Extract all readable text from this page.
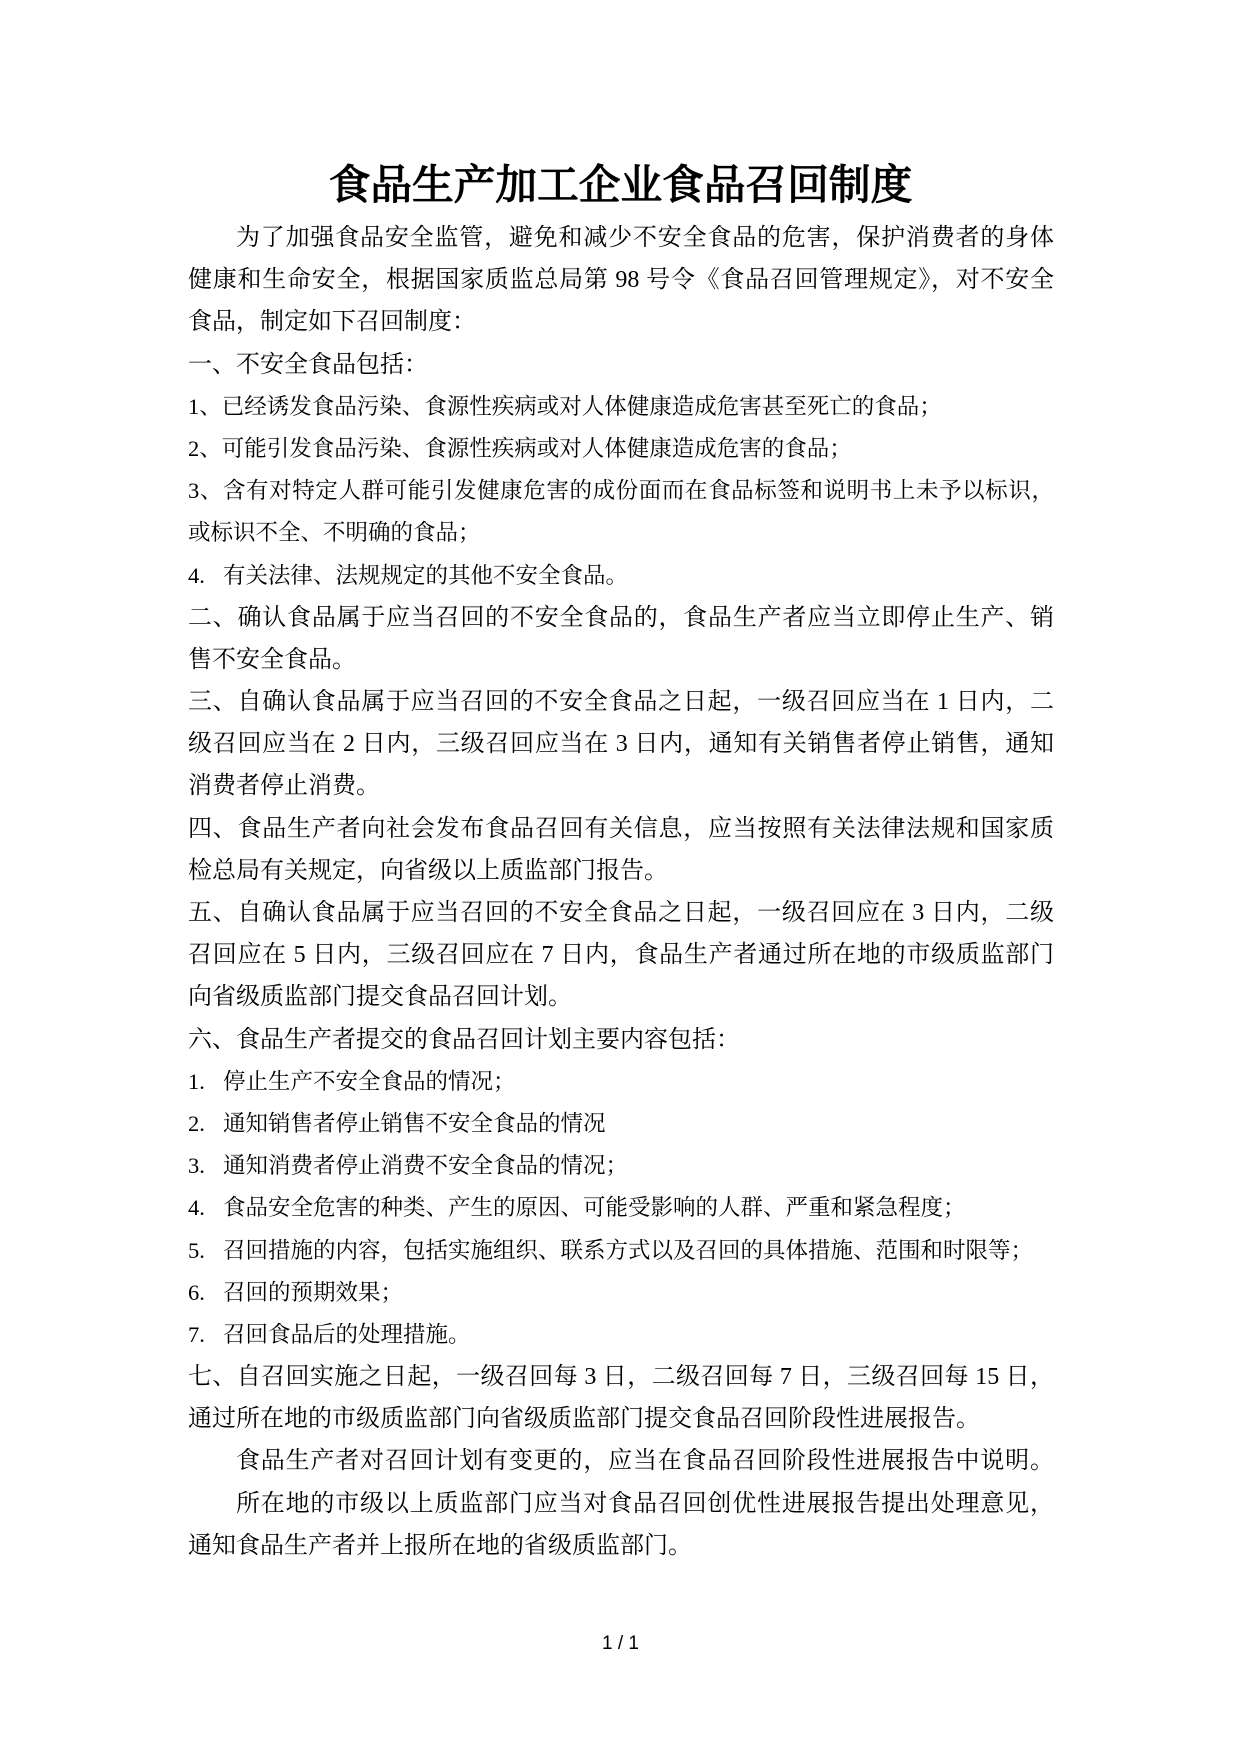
食品生产加工企业食品召回制度
为了加强食品安全监管，避免和减少不安全食品的危害，保护消费者的身体
健康和生命安全，根据国家质监总局第 98 号令《食品召回管理规定》，对不安全
食品，制定如下召回制度：
一、不安全食品包括：
1、已经诱发食品污染、食源性疾病或对人体健康造成危害甚至死亡的食品；
2、可能引发食品污染、食源性疾病或对人体健康造成危害的食品；
3、含有对特定人群可能引发健康危害的成份面而在食品标签和说明书上未予以标识，
或标识不全、不明确的食品；
4. 有关法律、法规规定的其他不安全食品。
二、确认食品属于应当召回的不安全食品的，食品生产者应当立即停止生产、销
售不安全食品。
三、自确认食品属于应当召回的不安全食品之日起，一级召回应当在 1 日内，二
级召回应当在 2 日内，三级召回应当在 3 日内，通知有关销售者停止销售，通知
消费者停止消费。
四、食品生产者向社会发布食品召回有关信息，应当按照有关法律法规和国家质
检总局有关规定，向省级以上质监部门报告。
五、自确认食品属于应当召回的不安全食品之日起，一级召回应在 3 日内，二级
召回应在 5 日内，三级召回应在 7 日内，食品生产者通过所在地的市级质监部门
向省级质监部门提交食品召回计划。
六、食品生产者提交的食品召回计划主要内容包括：
1. 停止生产不安全食品的情况；
2. 通知销售者停止销售不安全食品的情况
3. 通知消费者停止消费不安全食品的情况；
4. 食品安全危害的种类、产生的原因、可能受影响的人群、严重和紧急程度；
5. 召回措施的内容，包括实施组织、联系方式以及召回的具体措施、范围和时限等；
6. 召回的预期效果；
7. 召回食品后的处理措施。
七、自召回实施之日起，一级召回每 3 日，二级召回每 7 日，三级召回每 15 日，
通过所在地的市级质监部门向省级质监部门提交食品召回阶段性进展报告。
食品生产者对召回计划有变更的，应当在食品召回阶段性进展报告中说明。
所在地的市级以上质监部门应当对食品召回创优性进展报告提出处理意见，
通知食品生产者并上报所在地的省级质监部门。
1 / 1
